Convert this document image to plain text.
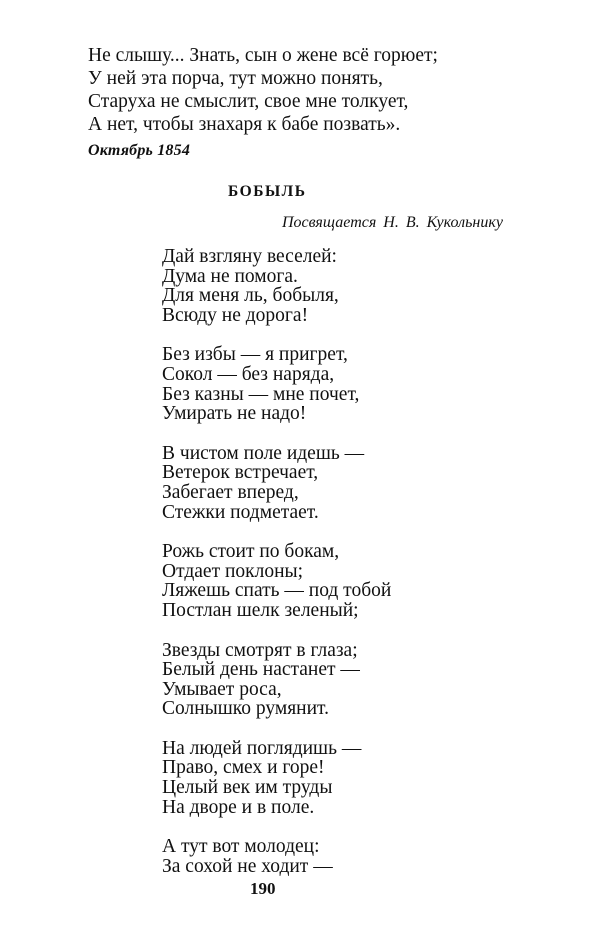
Не слышу... Знать, сын о жене всё горюет;
У ней эта порча, тут можно понять,
Старуха не смыслит, свое мне толкует,
А нет, чтобы знахаря к бабе позвать».
Октябрь 1854
БОБЫЛЬ
Посвящается Н. В. Кукольнику
Дай взгляну веселей:
Дума не помога.
Для меня ль, бобыля,
Всюду не дорога!
Без избы — я пригрет,
Сокол — без наряда,
Без казны — мне почет,
Умирать не надо!
В чистом поле идешь —
Ветерок встречает,
Забегает вперед,
Стежки подметает.
Рожь стоит по бокам,
Отдает поклоны;
Ляжешь спать — под тобой
Постлан шелк зеленый;
Звезды смотрят в глаза;
Белый день настанет —
Умывает роса,
Солнышко румянит.
На людей поглядишь —
Право, смех и горе!
Целый век им труды
На дворе и в поле.
А тут вот молодец:
За сохой не ходит —
190
